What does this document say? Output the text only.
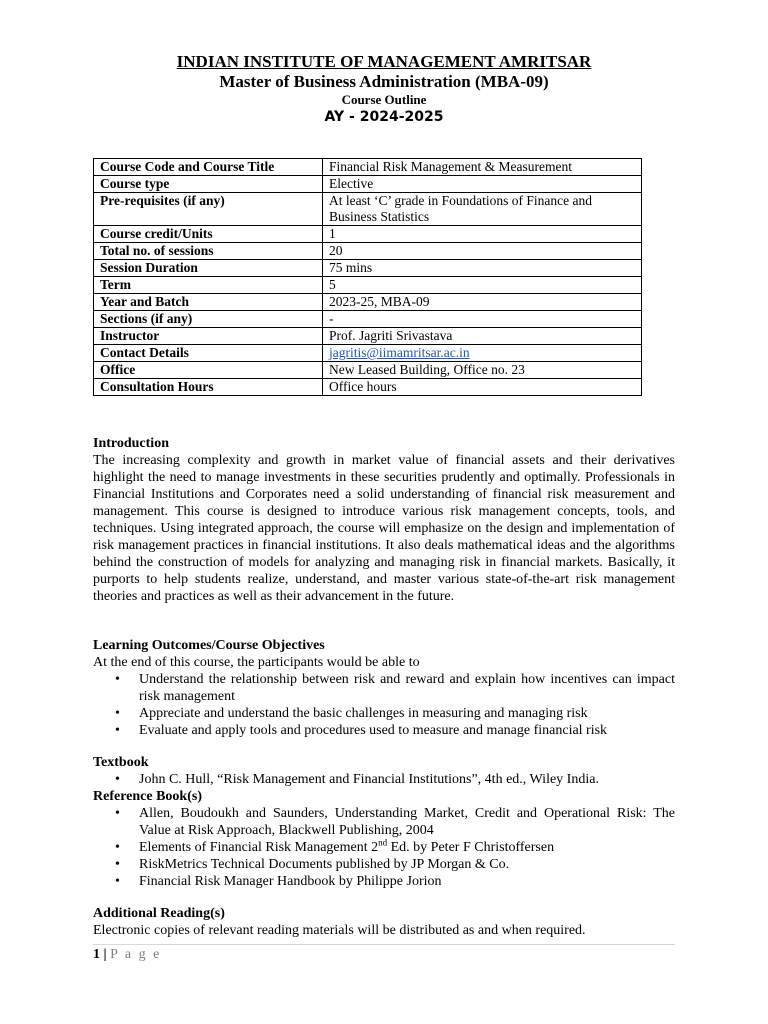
INDIAN INSTITUTE OF MANAGEMENT AMRITSAR
Master of Business Administration (MBA-09)
Course Outline
AY - 2024-2025
Course Code and Course Title	Financial Risk Management & Measurement
Course type	Elective
Pre-requisites (if any)	At least ‘C’ grade in Foundations of Finance and Business Statistics
Course credit/Units	1
Total no. of sessions	20
Session Duration	75 mins
Term	5
Year and Batch	2023-25, MBA-09
Sections (if any)	-
Instructor	Prof. Jagriti Srivastava
Contact Details	jagritis@iimamritsar.ac.in
Office	New Leased Building, Office no. 23
Consultation Hours	Office hours
Introduction
The increasing complexity and growth in market value of financial assets and their derivatives highlight the need to manage investments in these securities prudently and optimally. Professionals in Financial Institutions and Corporates need a solid understanding of financial risk measurement and management. This course is designed to introduce various risk management concepts, tools, and techniques. Using integrated approach, the course will emphasize on the design and implementation of risk management practices in financial institutions. It also deals mathematical ideas and the algorithms behind the construction of models for analyzing and managing risk in financial markets. Basically, it purports to help students realize, understand, and master various state-of-the-art risk management theories and practices as well as their advancement in the future.
Learning Outcomes/Course Objectives
At the end of this course, the participants would be able to
• Understand the relationship between risk and reward and explain how incentives can impact risk management
• Appreciate and understand the basic challenges in measuring and managing risk
• Evaluate and apply tools and procedures used to measure and manage financial risk
Textbook
• John C. Hull, “Risk Management and Financial Institutions”, 4th ed., Wiley India.
Reference Book(s)
• Allen, Boudoukh and Saunders, Understanding Market, Credit and Operational Risk: The Value at Risk Approach, Blackwell Publishing, 2004
• Elements of Financial Risk Management 2nd Ed. by Peter F Christoffersen
• RiskMetrics Technical Documents published by JP Morgan & Co.
• Financial Risk Manager Handbook by Philippe Jorion
Additional Reading(s)
Electronic copies of relevant reading materials will be distributed as and when required.
1 | P a g e
